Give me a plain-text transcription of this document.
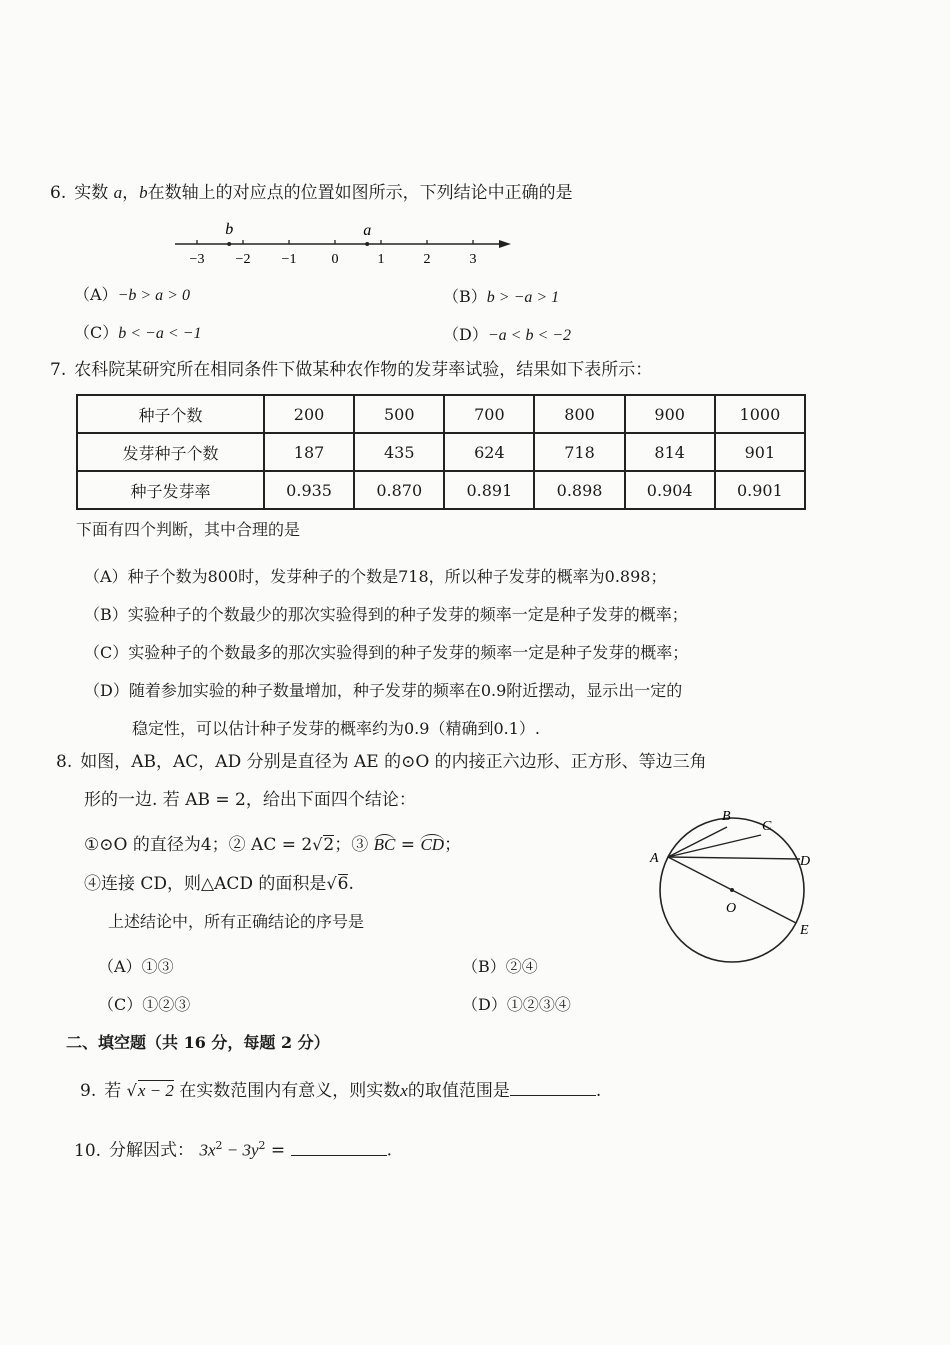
6. 实数 a，b在数轴上的对应点的位置如图所示，下列结论中正确的是
−3 −2 −1	0	1	2	3
b	a
（A）−b > a > 0	（B）b > −a > 1
（C）b < −a < −1	（D）−a < b < −2
7. 农科院某研究所在相同条件下做某种农作物的发芽率试验，结果如下表所示：
种子个数	200	500	700	800	900	1000
发芽种子个数	187	435	624	718	814	901
种子发芽率	0.935	0.870	0.891	0.898	0.904	0.901
下面有四个判断，其中合理的是
（A）种子个数为800时，发芽种子的个数是718，所以种子发芽的概率为0.898；
（B）实验种子的个数最少的那次实验得到的种子发芽的频率一定是种子发芽的概率；
（C）实验种子的个数最多的那次实验得到的种子发芽的频率一定是种子发芽的概率；
（D）随着参加实验的种子数量增加，种子发芽的频率在0.9附近摆动，显示出一定的
稳定性，可以估计种子发芽的概率约为0.9（精确到0.1）.
8. 如图，AB，AC，AD 分别是直径为 AE 的⊙O 的内接正六边形、正方形、等边三角
形的一边. 若 AB = 2，给出下面四个结论：
①⊙O 的直径为4；② AC = 2√2；③ BC = CD；
④连接 CD，则△ACD 的面积是√6.
上述结论中，所有正确结论的序号是
（A）①③	（B）②④
（C）①②③	（D）①②③④
A
B
C
D
O
E
二、填空题（共 16 分，每题 2 分）
9. 若 √x − 2 在实数范围内有意义，则实数x的取值范围是	.
10. 分解因式： $3x^2 - 3y^2$ =	.
